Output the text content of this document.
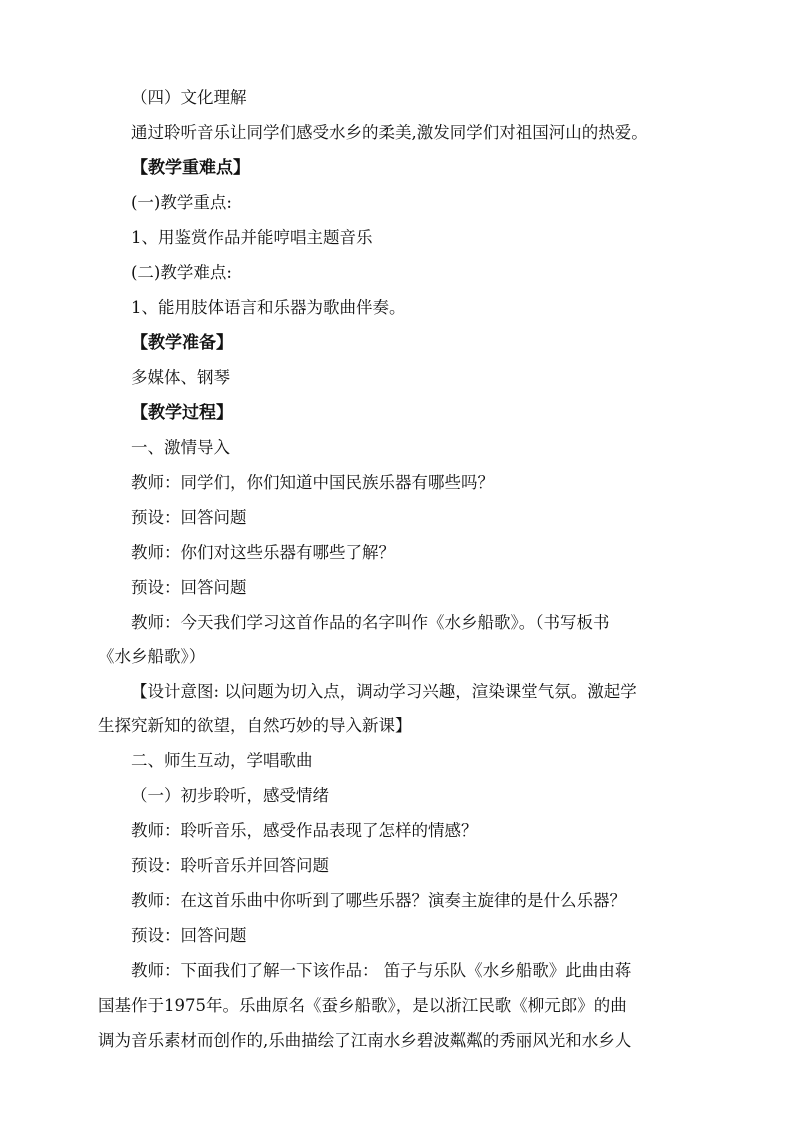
（四）文化理解
通过聆听音乐让同学们感受水乡的柔美,激发同学们对祖国河山的热爱。
【教学重难点】
(一)教学重点:
1、用鉴赏作品并能哼唱主题音乐
(二)教学难点:
1、能用肢体语言和乐器为歌曲伴奏。
【教学准备】
多媒体、钢琴
【教学过程】
一、激情导入
教师：同学们，你们知道中国民族乐器有哪些吗？
预设：回答问题
教师：你们对这些乐器有哪些了解？
预设：回答问题
教师：今天我们学习这首作品的名字叫作《水乡船歌》。（书写板书
《水乡船歌》）
【设计意图: 以问题为切入点，调动学习兴趣，渲染课堂气氛。激起学
生探究新知的欲望，自然巧妙的导入新课】
二、师生互动，学唱歌曲
（一）初步聆听，感受情绪
教师：聆听音乐，感受作品表现了怎样的情感？
预设：聆听音乐并回答问题
教师：在这首乐曲中你听到了哪些乐器？演奏主旋律的是什么乐器？
预设：回答问题
教师：下面我们了解一下该作品： 笛子与乐队《水乡船歌》此曲由蒋
国基作于1975年。乐曲原名《蚕乡船歌》，是以浙江民歌《柳元郎》的曲
调为音乐素材而创作的,乐曲描绘了江南水乡碧波粼粼的秀丽风光和水乡人
